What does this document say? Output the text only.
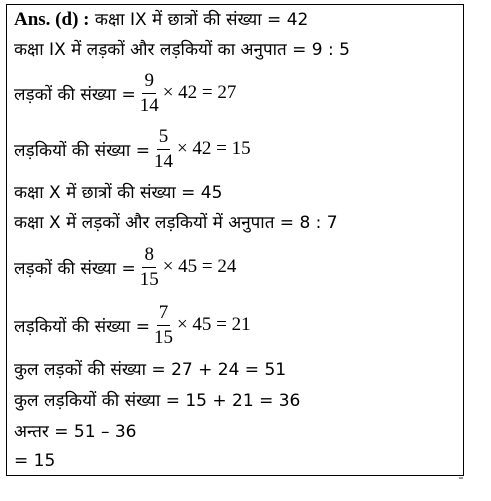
Ans. (d) : कक्षा IX में छात्रों की संख्या = 42
कक्षा IX में लड़कों और लड़कियों का अनुपात = 9 : 5
लड़कों की संख्या = $\frac{9}{14} \times 42 = 27$
लड़कियों की संख्या = $\frac{5}{14} \times 42 = 15$
कक्षा X में छात्रों की संख्या = 45
कक्षा X में लड़कों और लड़कियों में अनुपात = 8 : 7
लड़कों की संख्या = $\frac{8}{15} \times 45 = 24$
लड़कियों की संख्या = $\frac{7}{15} \times 45 = 21$
कुल लड़कों की संख्या = 27 + 24 = 51
कुल लड़कियों की संख्या = 15 + 21 = 36
अन्तर = 51 – 36
= 15
